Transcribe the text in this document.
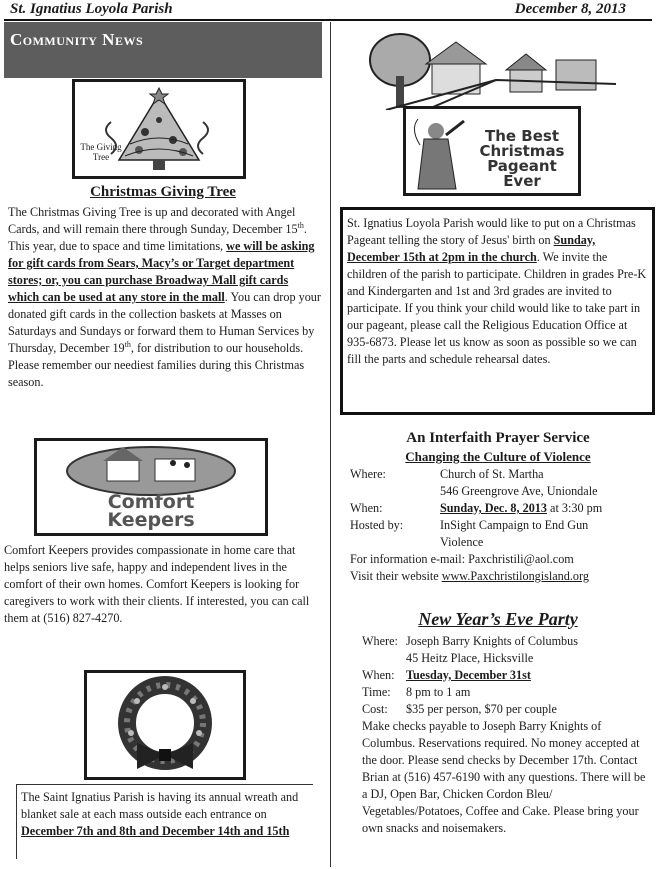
St. Ignatius Loyola Parish	December 8, 2013
Community News
The Giving Tree
Christmas Giving Tree
The Christmas Giving Tree is up and decorated with Angel Cards, and will remain there through Sunday, December 15th. This year, due to space and time limitations, we will be asking for gift cards from Sears, Macy’s or Target department stores; or, you can purchase Broadway Mall gift cards which can be used at any store in the mall. You can drop your donated gift cards in the collection baskets at Masses on Saturdays and Sundays or forward them to Human Services by Thursday, December 19th, for distribution to our households. Please remember our neediest families during this Christmas season.
Comfort
Keepers
Comfort Keepers provides compassionate in home care that helps seniors live safe, happy and independent lives in the comfort of their own homes. Comfort Keepers is looking for caregivers to work with their clients. If interested, you can call them at (516) 827-4270.
The Saint Ignatius Parish is having its annual wreath and blanket sale at each mass outside each entrance on December 7th and 8th and December 14th and 15th
The Best
Christmas
Pageant Ever
St. Ignatius Loyola Parish would like to put on a Christmas Pageant telling the story of Jesus' birth on Sunday, December 15th at 2pm in the church. We invite the children of the parish to participate. Children in grades Pre-K and Kindergarten and 1st and 3rd grades are invited to participate. If you think your child would like to take part in our pageant, please call the Religious Education Office at 935-6873. Please let us know as soon as possible so we can fill the parts and schedule rehearsal dates.
An Interfaith Prayer Service
Changing the Culture of Violence
Where:	Church of St. Martha
546 Greengrove Ave, Uniondale
When:	Sunday, Dec. 8, 2013 at 3:30 pm
Hosted by:	InSight Campaign to End Gun
Violence
For information e-mail: Paxchristili@aol.com
Visit their website www.Paxchristilongisland.org
New Year’s Eve Party
Where: Joseph Barry Knights of Columbus
45 Heitz Place, Hicksville
When: Tuesday, December 31st
Time:	8 pm to 1 am
Cost:	$35 per person, $70 per couple
Make checks payable to Joseph Barry Knights of Columbus. Reservations required. No money accepted at the door. Please send checks by December 17th. Contact Brian at (516) 457-6190 with any questions. There will be a DJ, Open Bar, Chicken Cordon Bleu/ Vegetables/Potatoes, Coffee and Cake. Please bring your own snacks and noisemakers.
